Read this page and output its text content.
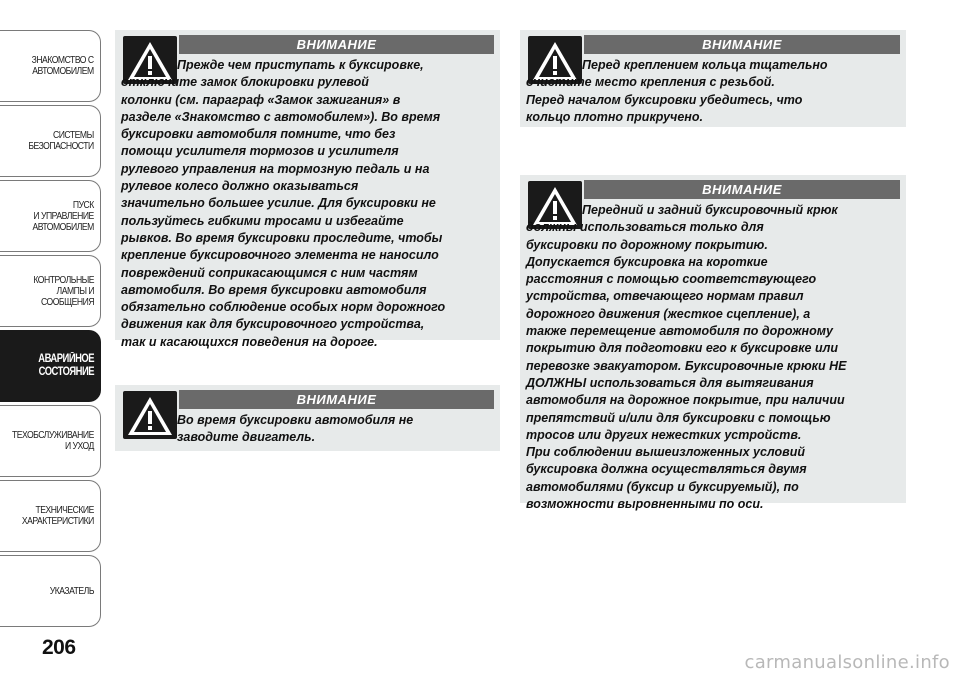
ЗНАКОМСТВО С
АВТОМОБИЛЕМ
СИСТЕМЫ
БЕЗОПАСНОСТИ
ПУСК
И УПРАВЛЕНИЕ
АВТОМОБИЛЕМ
КОНТРОЛЬНЫЕ
ЛАМПЫ И
СООБЩЕНИЯ
АВАРИЙНОЕ
СОСТОЯНИЕ
ТЕХОБСЛУЖИВАНИЕ
И УХОД
ТЕХНИЧЕСКИЕ
ХАРАКТЕРИСТИКИ
УКАЗАТЕЛЬ
206
ВНИМАНИЕ
Прежде чем приступать к буксировке,
отключите замок блокировки рулевой
колонки (см. параграф «Замок зажигания» в
разделе «Знакомство с автомобилем»). Во время
буксировки автомобиля помните, что без
помощи усилителя тормозов и усилителя
рулевого управления на тормозную педаль и на
рулевое колесо должно оказываться
значительно большее усилие. Для буксировки не
пользуйтесь гибкими тросами и избегайте
рывков. Во время буксировки проследите, чтобы
крепление буксировочного элемента не наносило
повреждений соприкасающимся с ним частям
автомобиля. Во время буксировки автомобиля
обязательно соблюдение особых норм дорожного
движения как для буксировочного устройства,
так и касающихся поведения на дороге.
ВНИМАНИЕ
Во время буксировки автомобиля не
заводите двигатель.
ВНИМАНИЕ
Перед креплением кольца тщательно
очистите место крепления с резьбой.
Перед началом буксировки убедитесь, что
кольцо плотно прикручено.
ВНИМАНИЕ
Передний и задний буксировочный крюк
должны использоваться только для
буксировки по дорожному покрытию.
Допускается буксировка на короткие
расстояния с помощью соответствующего
устройства, отвечающего нормам правил
дорожного движения (жесткое сцепление), а
также перемещение автомобиля по дорожному
покрытию для подготовки его к буксировке или
перевозке эвакуатором. Буксировочные крюки НЕ
ДОЛЖНЫ использоваться для вытягивания
автомобиля на дорожное покрытие, при наличии
препятствий и/или для буксировки с помощью
тросов или других нежестких устройств.
При соблюдении вышеизложенных условий
буксировка должна осуществляться двумя
автомобилями (буксир и буксируемый), по
возможности выровненными по оси.
carmanualsonline.info
